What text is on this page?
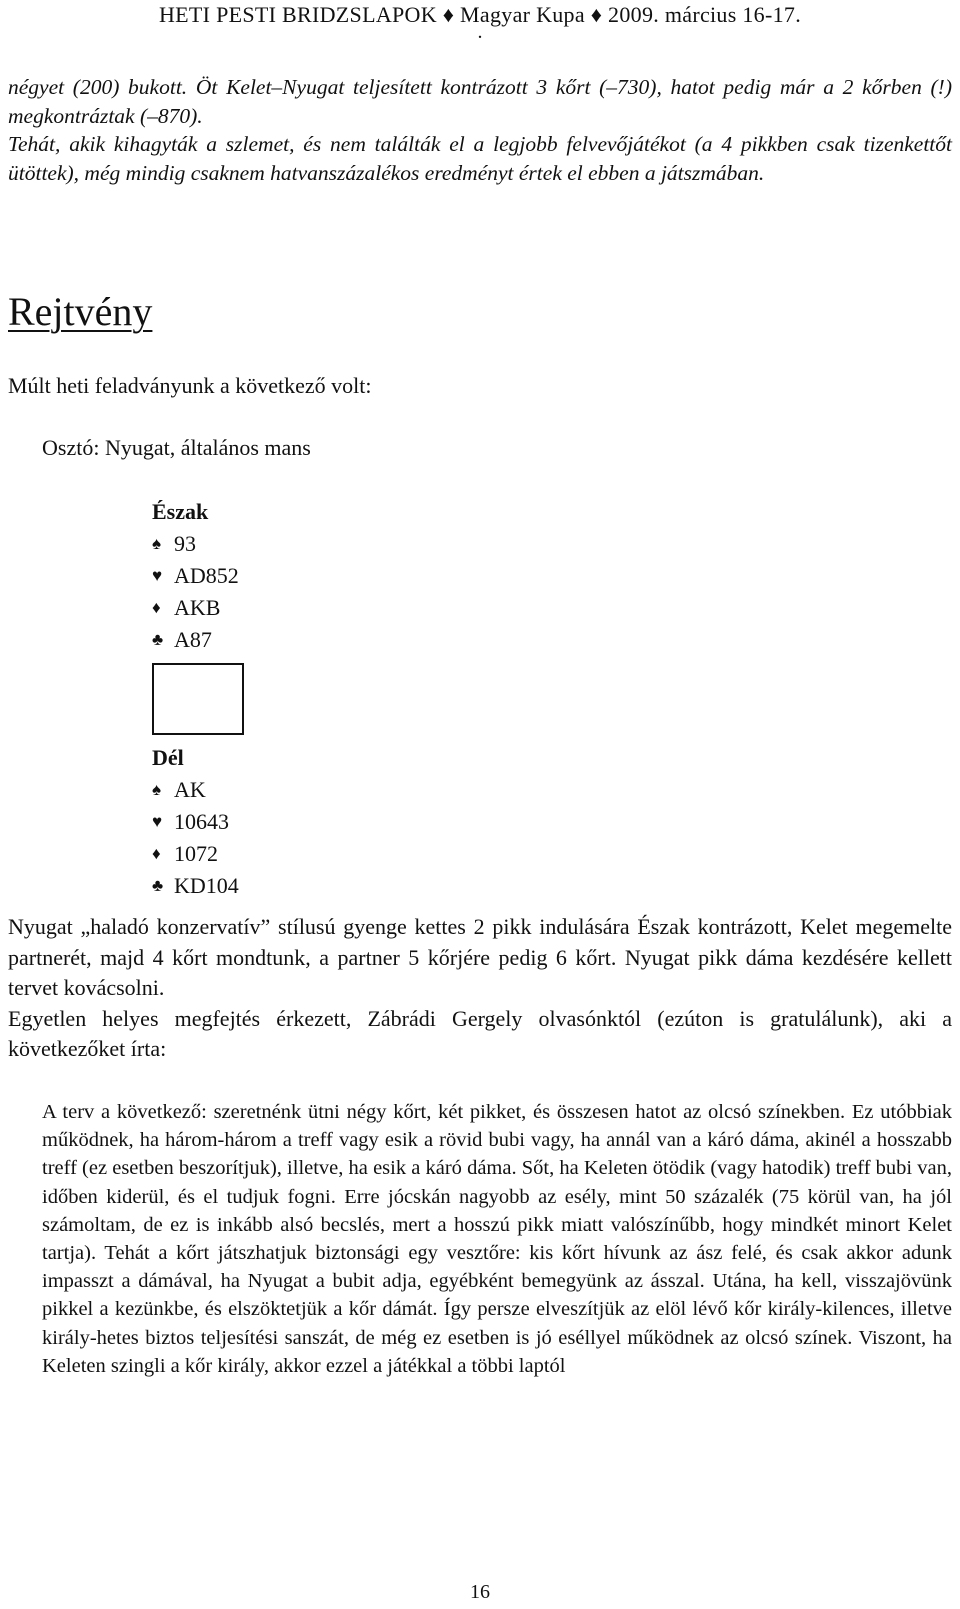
HETI PESTI BRIDZSLAPOK ♦ Magyar Kupa ♦ 2009. március 16-17.
.

négyet (200) bukott. Öt Kelet–Nyugat teljesített kontrázott 3 kőrt (–730), hatot pedig már a 2 kőrben (!) megkontráztak (–870).

Tehát, akik kihagyták a szlemet, és nem találták el a legjobb felvevőjátékot (a 4 pikkben csak tizenkettőt ütöttek), még mindig csaknem hatvanszázalékos eredményt értek el ebben a játszmában.

Rejtvény
Múlt heti feladványunk a következő volt:
Osztó: Nyugat, általános mans
Észak
♠ 93
♥ AD852
♦ AKB
♣ A87
Dél
♠ AK
♥ 10643
♦ 1072
♣ KD104

Nyugat „haladó konzervatív” stílusú gyenge kettes 2 pikk indulására Észak kontrázott, Kelet megemelte partnerét, majd 4 kőrt mondtunk, a partner 5 kőrjére pedig 6 kőrt. Nyugat pikk dáma kezdésére kellett tervet kovácsolni.

Egyetlen helyes megfejtés érkezett, Zábrádi Gergely olvasónktól (ezúton is gratulálunk), aki a következőket írta:

A terv a következő: szeretnénk ütni négy kőrt, két pikket, és összesen hatot az olcsó színekben. Ez utóbbiak működnek, ha három-három a treff vagy esik a rövid bubi vagy, ha annál van a káró dáma, akinél a hosszabb treff (ez esetben beszorítjuk), illetve, ha esik a káró dáma. Sőt, ha Keleten ötödik (vagy hatodik) treff bubi van, időben kiderül, és el tudjuk fogni. Erre jócskán nagyobb az esély, mint 50 százalék (75 körül van, ha jól számoltam, de ez is inkább alsó becslés, mert a hosszú pikk miatt valószínűbb, hogy mindkét minort Kelet tartja). Tehát a kőrt játszhatjuk biztonsági egy vesztőre: kis kőrt hívunk az ász felé, és csak akkor adunk impasszt a dámával, ha Nyugat a bubit adja, egyébként bemegyünk az ásszal. Utána, ha kell, visszajövünk pikkel a kezünkbe, és elszöktetjük a kőr dámát. Így persze elveszítjük az elöl lévő kőr király-kilences, illetve király-hetes biztos teljesítési sanszát, de még ez esetben is jó eséllyel működnek az olcsó színek. Viszont, ha Keleten szingli a kőr király, akkor ezzel a játékkal a többi laptól

16
